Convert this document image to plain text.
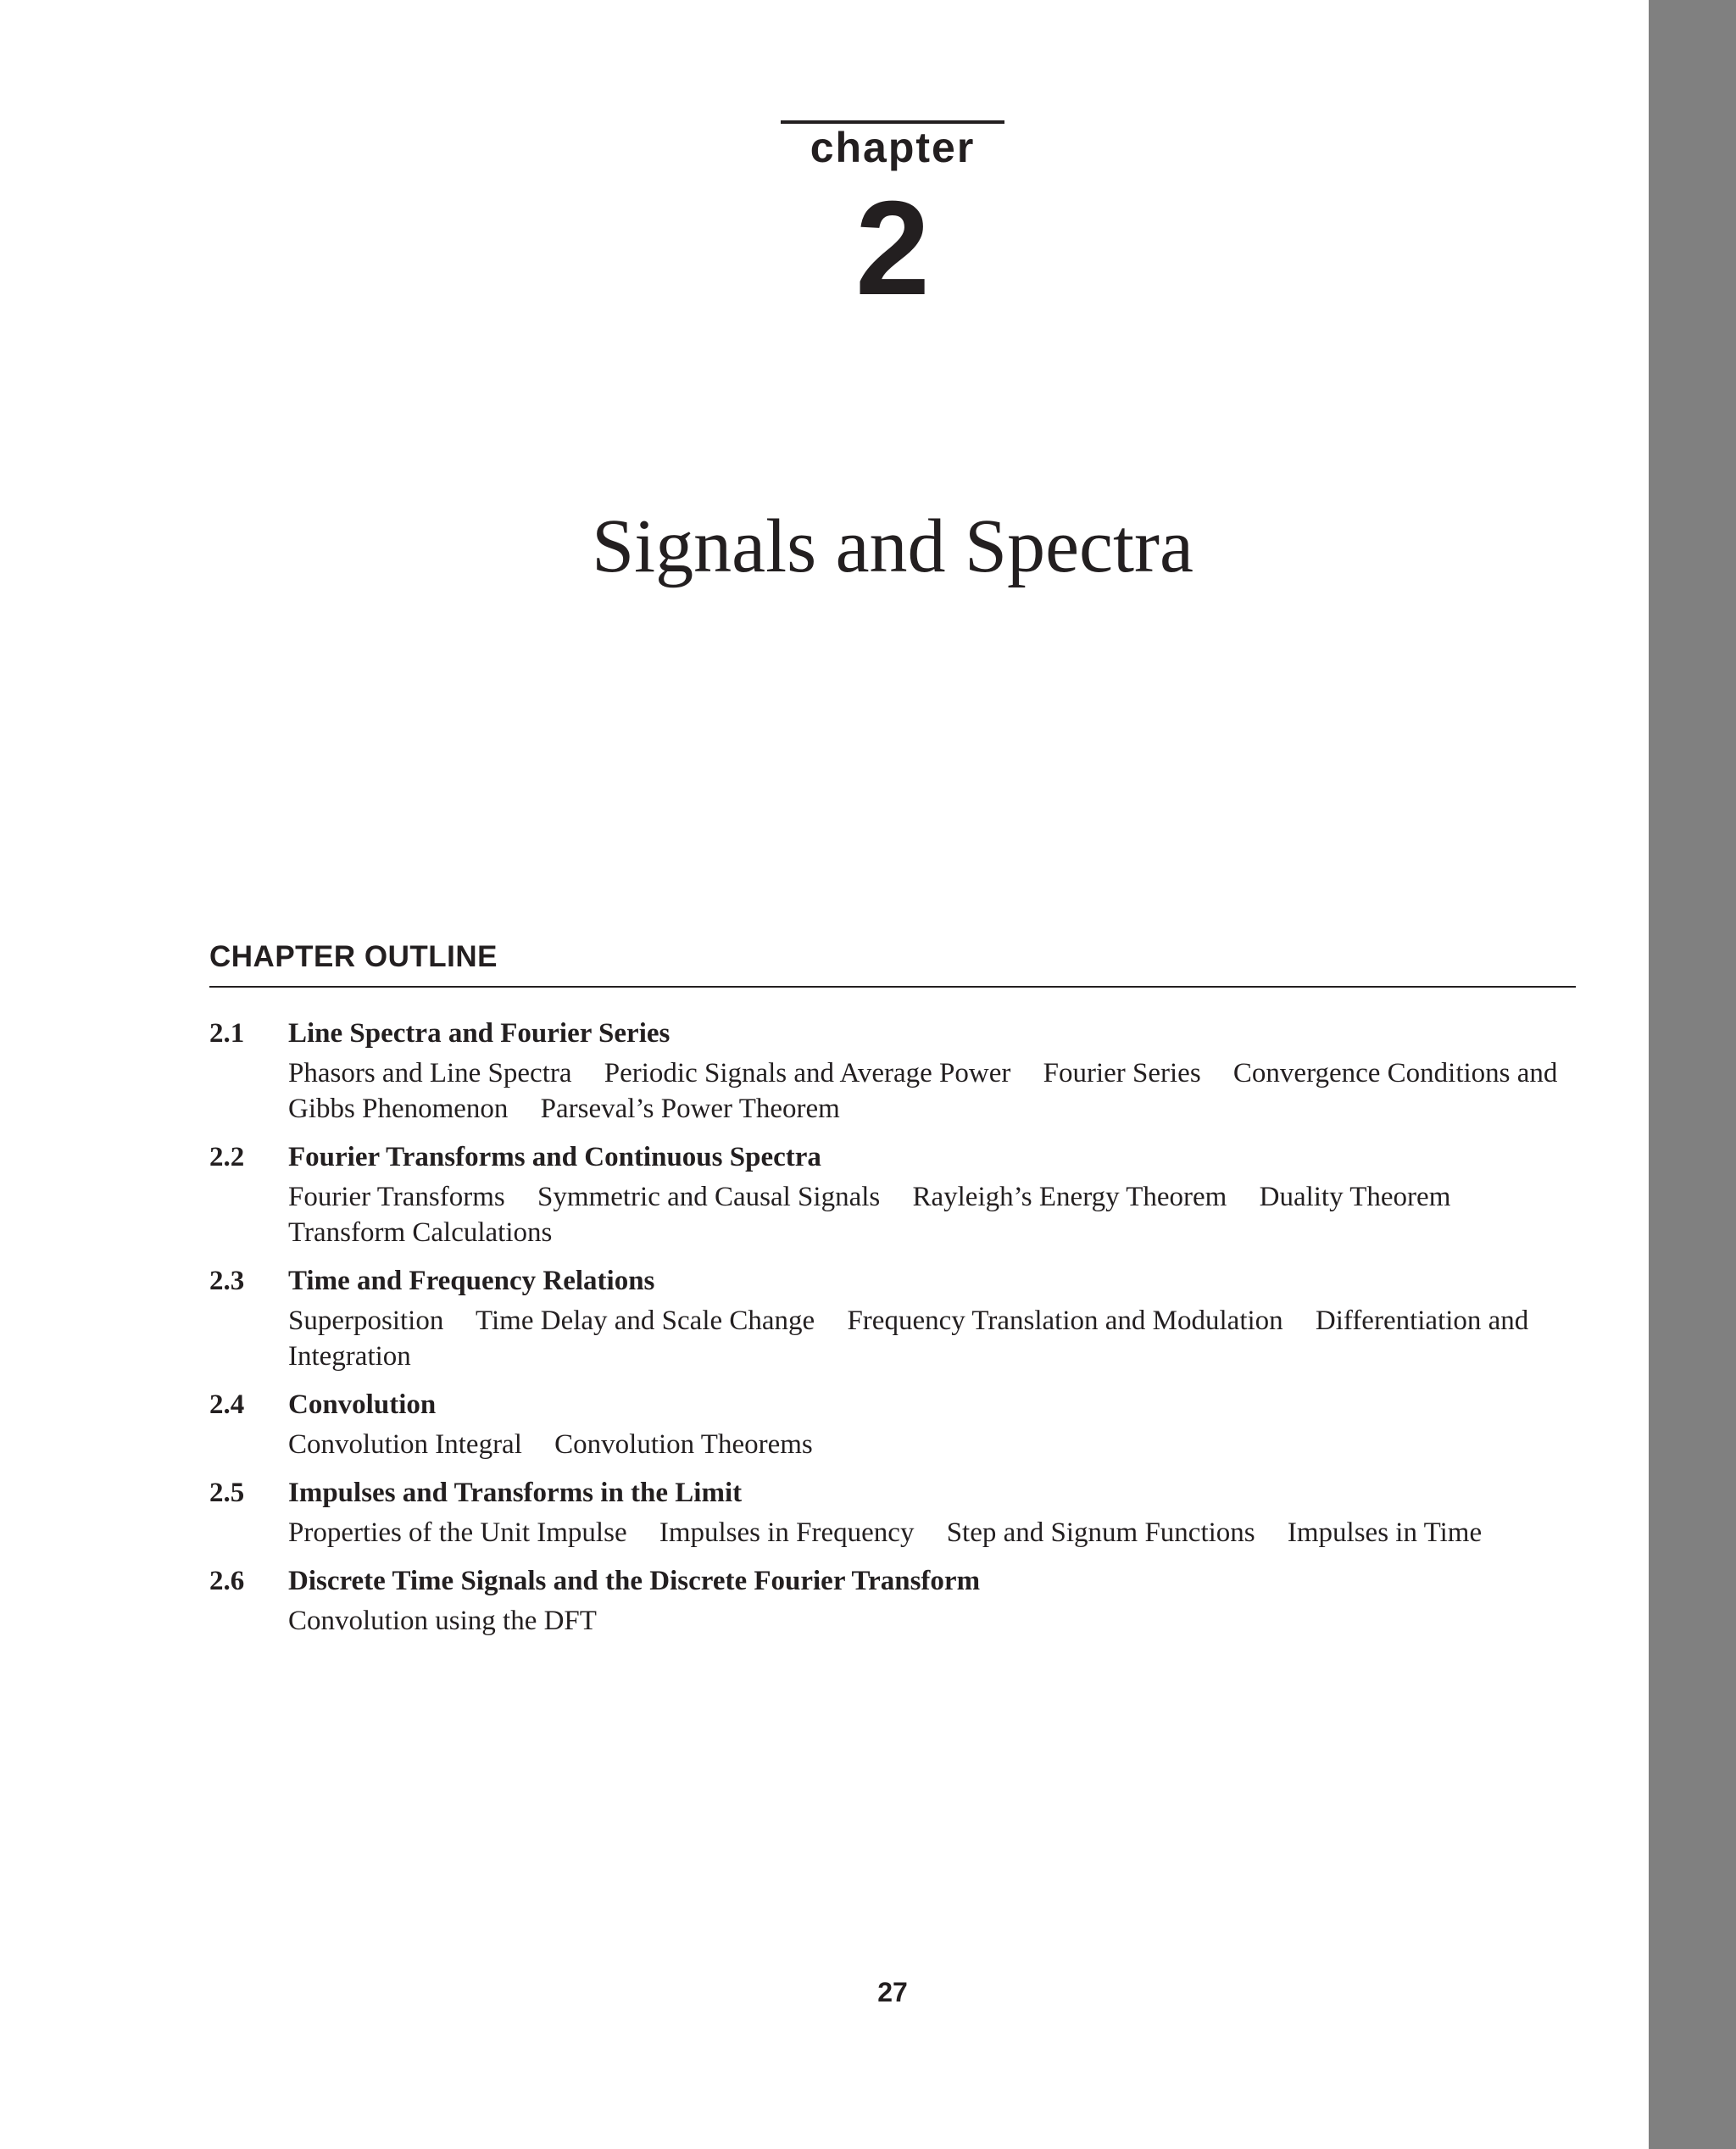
chapter
2
Signals and Spectra
CHAPTER OUTLINE
2.1	Line Spectra and Fourier Series
Phasors and Line Spectra Periodic Signals and Average Power Fourier Series Convergence Conditions and Gibbs Phenomenon Parseval’s Power Theorem
2.2	Fourier Transforms and Continuous Spectra
Fourier Transforms Symmetric and Causal Signals Rayleigh’s Energy Theorem Duality Theorem Transform Calculations
2.3	Time and Frequency Relations
Superposition Time Delay and Scale Change Frequency Translation and Modulation Differentiation and Integration
2.4	Convolution
Convolution Integral Convolution Theorems
2.5	Impulses and Transforms in the Limit
Properties of the Unit Impulse Impulses in Frequency Step and Signum Functions Impulses in Time
2.6	Discrete Time Signals and the Discrete Fourier Transform
Convolution using the DFT
27
